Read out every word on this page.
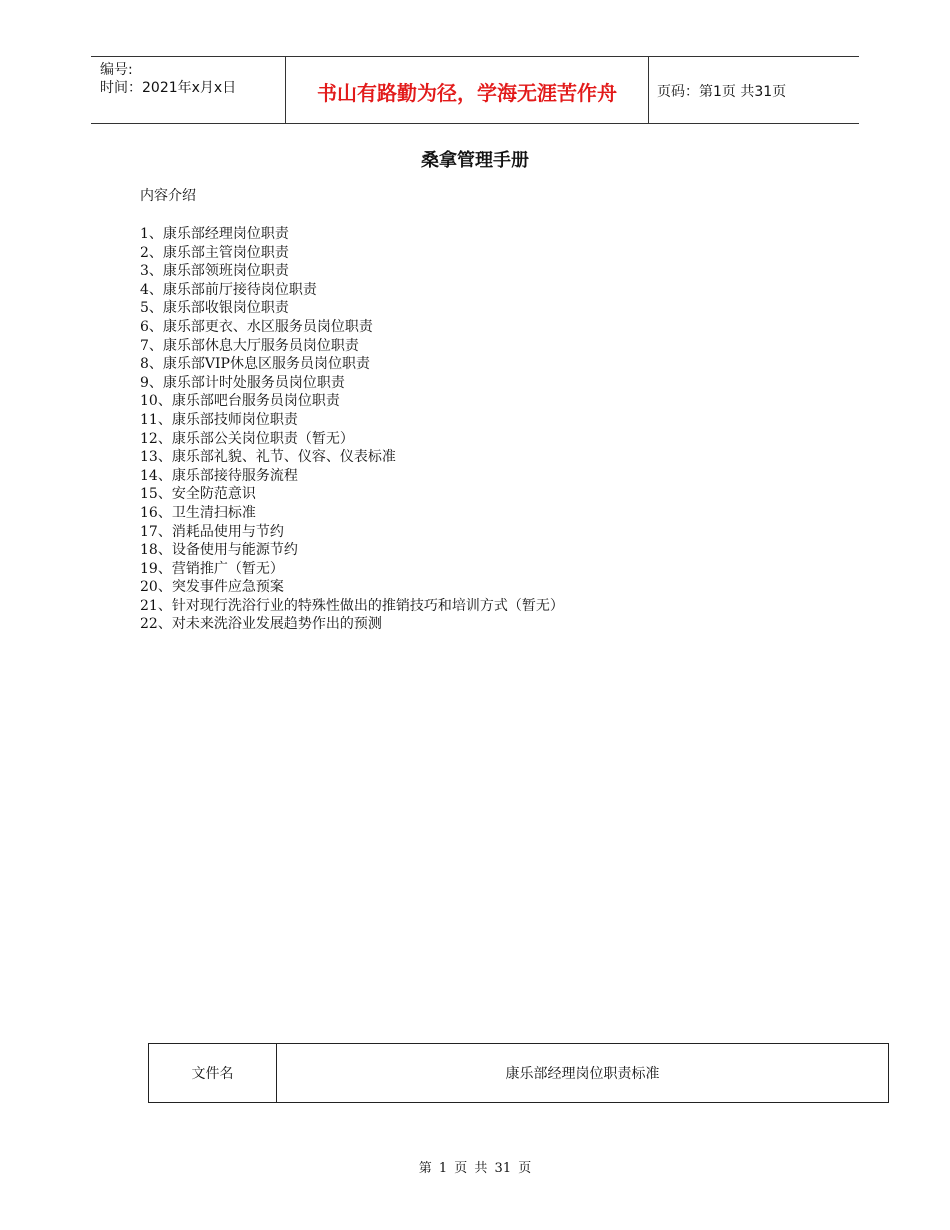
编号:
时间：2021年x月x日	书山有路勤为径，学海无涯苦作舟	页码：第1页 共31页
桑拿管理手册
内容介绍
1、康乐部经理岗位职责
2、康乐部主管岗位职责
3、康乐部领班岗位职责
4、康乐部前厅接待岗位职责
5、康乐部收银岗位职责
6、康乐部更衣、水区服务员岗位职责
7、康乐部休息大厅服务员岗位职责
8、康乐部VIP休息区服务员岗位职责
9、康乐部计时处服务员岗位职责
10、康乐部吧台服务员岗位职责
11、康乐部技师岗位职责
12、康乐部公关岗位职责（暂无）
13、康乐部礼貌、礼节、仪容、仪表标准
14、康乐部接待服务流程
15、安全防范意识
16、卫生清扫标准
17、消耗品使用与节约
18、设备使用与能源节约
19、营销推广（暂无）
20、突发事件应急预案
21、针对现行洗浴行业的特殊性做出的推销技巧和培训方式（暂无）
22、对未来洗浴业发展趋势作出的预测
文件名	康乐部经理岗位职责标准
第 1 页 共 31 页
